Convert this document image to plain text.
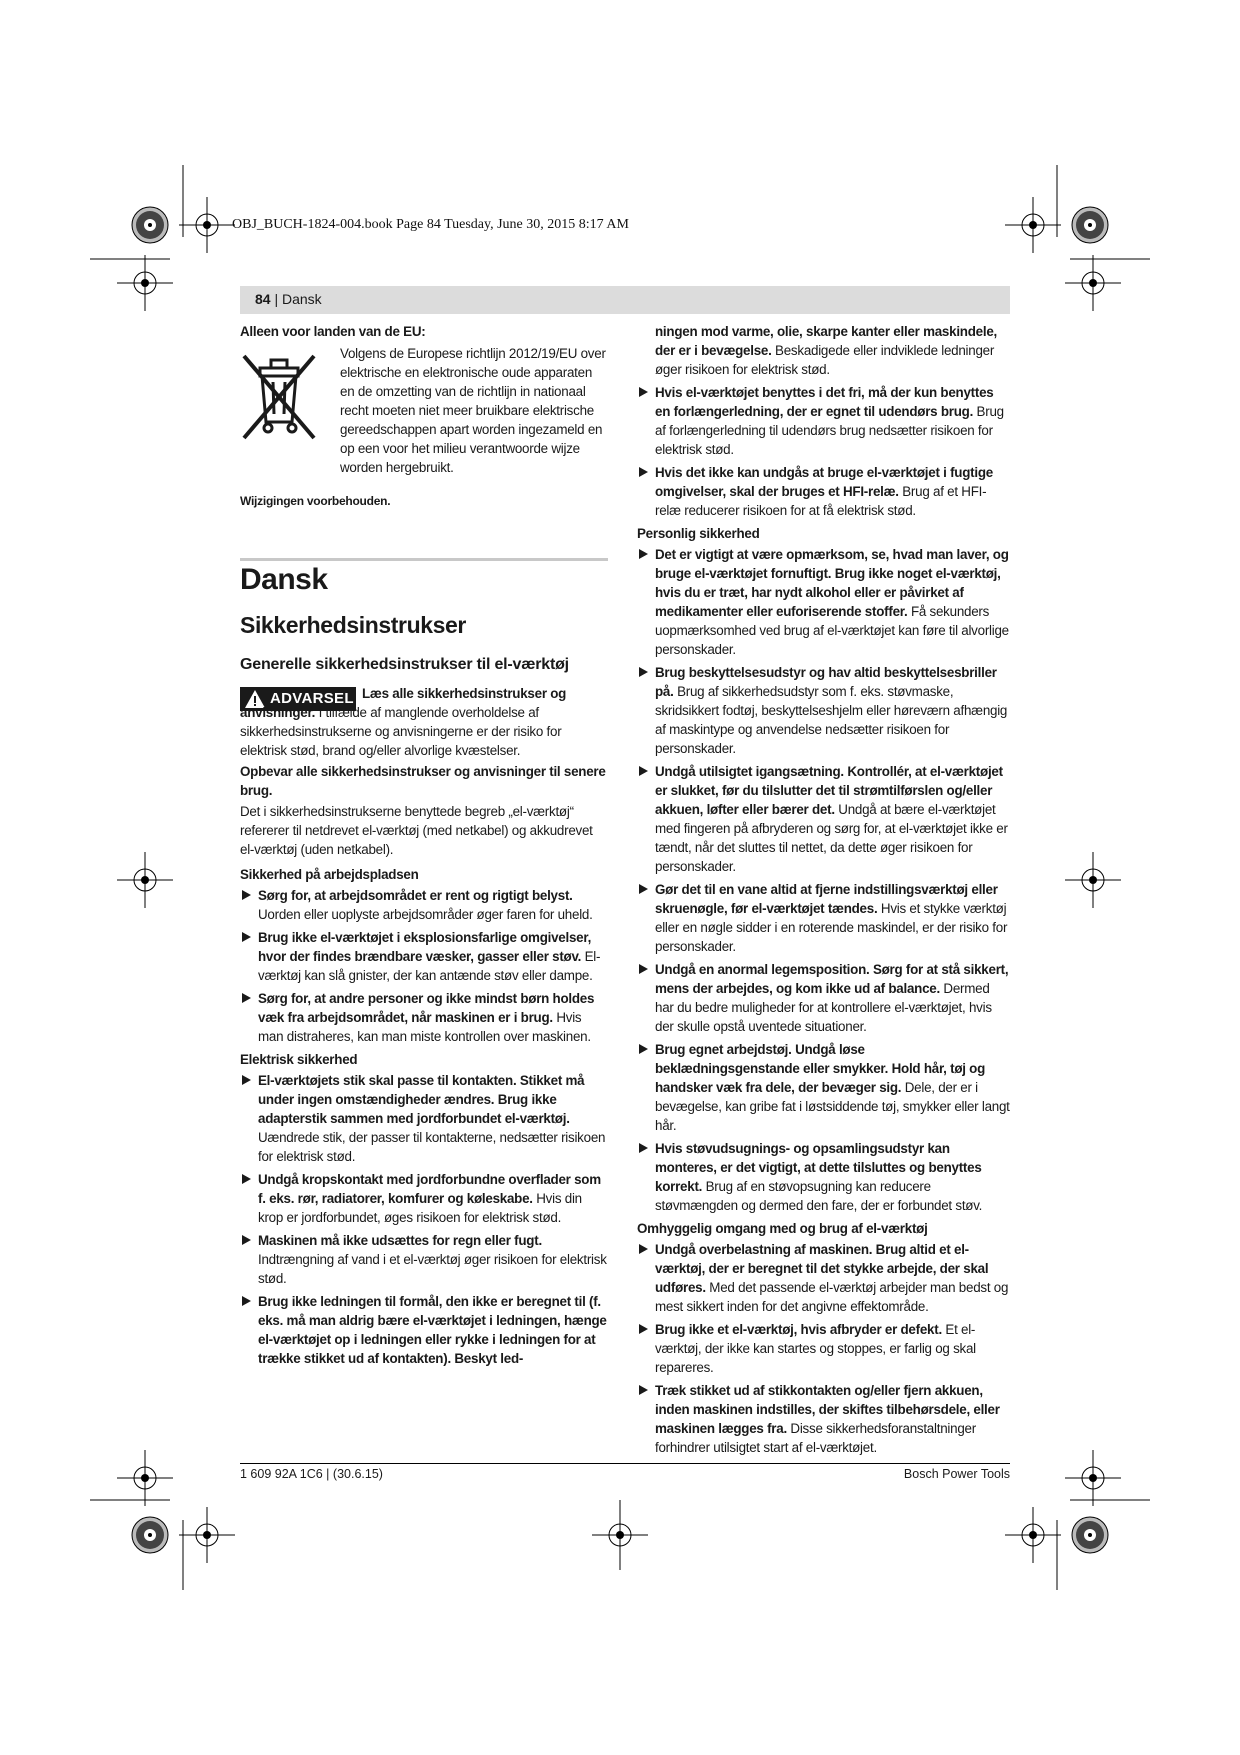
OBJ_BUCH-1824-004.book Page 84 Tuesday, June 30, 2015 8:17 AM
84 | Dansk

Alleen voor landen van de EU:

Volgens de Europese richtlijn 2012/19/EU over elektrische en elektronische oude apparaten en de omzetting van de richtlijn in nationaal recht moeten niet meer bruikbare elektrische gereedschappen apart worden ingezameld en op een voor het milieu verantwoorde wijze worden hergebruikt.

Wijzigingen voorbehouden.

Dansk
Sikkerhedsinstrukser
Generelle sikkerhedsinstrukser til el-værktøj
ADVARSEL Læs alle sikkerhedsinstrukser og anvisninger. I tilfælde af manglende overholdelse af sikkerhedsinstrukserne og anvisningerne er der risiko for elektrisk stød, brand og/eller alvorlige kvæstelser.

Opbevar alle sikkerhedsinstrukser og anvisninger til senere brug.

Det i sikkerhedsinstrukserne benyttede begreb „el-værktøj“ refererer til netdrevet el-værktøj (med netkabel) og akkudrevet el-værktøj (uden netkabel).

Sikkerhed på arbejdspladsen

Sørg for, at arbejdsområdet er rent og rigtigt belyst. Uorden eller uoplyste arbejdsområder øger faren for uheld.
Brug ikke el-værktøjet i eksplosionsfarlige omgivelser, hvor der findes brændbare væsker, gasser eller støv. El-værktøj kan slå gnister, der kan antænde støv eller dampe.
Sørg for, at andre personer og ikke mindst børn holdes væk fra arbejdsområdet, når maskinen er i brug. Hvis man distraheres, kan man miste kontrollen over maskinen.

Elektrisk sikkerhed

El-værktøjets stik skal passe til kontakten. Stikket må under ingen omstændigheder ændres. Brug ikke adapterstik sammen med jordforbundet el-værktøj. Uændrede stik, der passer til kontakterne, nedsætter risikoen for elektrisk stød.
Undgå kropskontakt med jordforbundne overflader som f. eks. rør, radiatorer, komfurer og køleskabe. Hvis din krop er jordforbundet, øges risikoen for elektrisk stød.
Maskinen må ikke udsættes for regn eller fugt. Indtrængning af vand i et el-værktøj øger risikoen for elektrisk stød.
Brug ikke ledningen til formål, den ikke er beregnet til (f. eks. må man aldrig bære el-værktøjet i ledningen, hænge el-værktøjet op i ledningen eller rykke i ledningen for at trække stikket ud af kontakten). Beskyt led-
ningen mod varme, olie, skarpe kanter eller maskindele, der er i bevægelse. Beskadigede eller indviklede ledninger øger risikoen for elektrisk stød.
Hvis el-værktøjet benyttes i det fri, må der kun benyttes en forlængerledning, der er egnet til udendørs brug. Brug af forlængerledning til udendørs brug nedsætter risikoen for elektrisk stød.
Hvis det ikke kan undgås at bruge el-værktøjet i fugtige omgivelser, skal der bruges et HFI-relæ. Brug af et HFI-relæ reducerer risikoen for at få elektrisk stød.

Personlig sikkerhed

Det er vigtigt at være opmærksom, se, hvad man laver, og bruge el-værktøjet fornuftigt. Brug ikke noget el-værktøj, hvis du er træt, har nydt alkohol eller er påvirket af medikamenter eller euforiserende stoffer. Få sekunders uopmærksomhed ved brug af el-værktøjet kan føre til alvorlige personskader.
Brug beskyttelsesudstyr og hav altid beskyttelsesbriller på. Brug af sikkerhedsudstyr som f. eks. støvmaske, skridsikkert fodtøj, beskyttelseshjelm eller høreværn afhængig af maskintype og anvendelse nedsætter risikoen for personskader.
Undgå utilsigtet igangsætning. Kontrollér, at el-værktøjet er slukket, før du tilslutter det til strømtilførslen og/eller akkuen, løfter eller bærer det. Undgå at bære el-værktøjet med fingeren på afbryderen og sørg for, at el-værktøjet ikke er tændt, når det sluttes til nettet, da dette øger risikoen for personskader.
Gør det til en vane altid at fjerne indstillingsværktøj eller skruenøgle, før el-værktøjet tændes. Hvis et stykke værktøj eller en nøgle sidder i en roterende maskindel, er der risiko for personskader.
Undgå en anormal legemsposition. Sørg for at stå sikkert, mens der arbejdes, og kom ikke ud af balance. Dermed har du bedre muligheder for at kontrollere el-værktøjet, hvis der skulle opstå uventede situationer.
Brug egnet arbejdstøj. Undgå løse beklædningsgenstande eller smykker. Hold hår, tøj og handsker væk fra dele, der bevæger sig. Dele, der er i bevægelse, kan gribe fat i løstsiddende tøj, smykker eller langt hår.
Hvis støvudsugnings- og opsamlingsudstyr kan monteres, er det vigtigt, at dette tilsluttes og benyttes korrekt. Brug af en støvopsugning kan reducere støvmængden og dermed den fare, der er forbundet støv.

Omhyggelig omgang med og brug af el-værktøj

Undgå overbelastning af maskinen. Brug altid et el-værktøj, der er beregnet til det stykke arbejde, der skal udføres. Med det passende el-værktøj arbejder man bedst og mest sikkert inden for det angivne effektområde.
Brug ikke et el-værktøj, hvis afbryder er defekt. Et el-værktøj, der ikke kan startes og stoppes, er farlig og skal repareres.
Træk stikket ud af stikkontakten og/eller fjern akkuen, inden maskinen indstilles, der skiftes tilbehørsdele, eller maskinen lægges fra. Disse sikkerhedsforanstaltninger forhindrer utilsigtet start af el-værktøjet.
1 609 92A 1C6 | (30.6.15)	Bosch Power Tools
